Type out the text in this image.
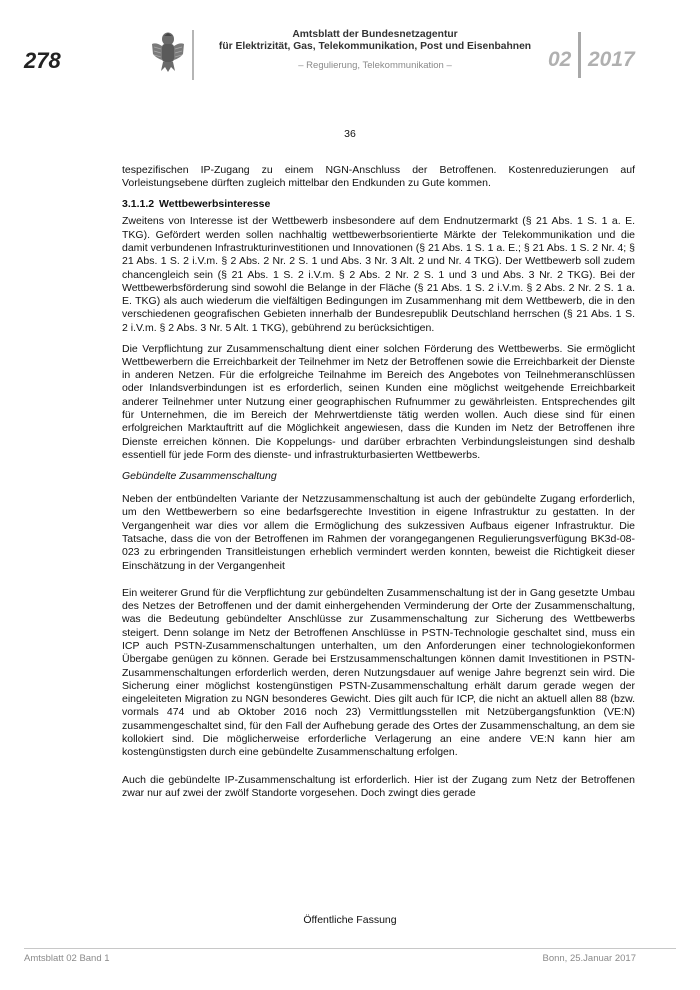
278
Amtsblatt der Bundesnetzagentur
für Elektrizität, Gas, Telekommunikation, Post und Eisenbahnen
– Regulierung, Telekommunikation –	02 2017
36

tespezifischen IP-Zugang zu einem NGN-Anschluss der Betroffenen. Kostenreduzierungen auf Vorleistungsebene dürften zugleich mittelbar den Endkunden zu Gute kommen.

3.1.1.2 Wettbewerbsinteresse

Zweitens von Interesse ist der Wettbewerb insbesondere auf dem Endnutzermarkt (§ 21 Abs. 1 S. 1 a. E. TKG). Gefördert werden sollen nachhaltig wettbewerbsorientierte Märkte der Telekommunikation und die damit verbundenen Infrastrukturinvestitionen und Innovationen (§ 21 Abs. 1 S. 1 a. E.; § 21 Abs. 1 S. 2 Nr. 4; § 21 Abs. 1 S. 2 i.V.m. § 2 Abs. 2 Nr. 2 S. 1 und Abs. 3 Nr. 3 Alt. 2 und Nr. 4 TKG). Der Wettbewerb soll zudem chancengleich sein (§ 21 Abs. 1 S. 2 i.V.m. § 2 Abs. 2 Nr. 2 S. 1 und 3 und Abs. 3 Nr. 2 TKG). Bei der Wettbewerbsförderung sind sowohl die Belange in der Fläche (§ 21 Abs. 1 S. 2 i.V.m. § 2 Abs. 2 Nr. 2 S. 1 a. E. TKG) als auch wiederum die vielfältigen Bedingungen im Zusammenhang mit dem Wettbewerb, die in den verschiedenen geografischen Gebieten innerhalb der Bundesrepublik Deutschland herrschen (§ 21 Abs. 1 S. 2 i.V.m. § 2 Abs. 3 Nr. 5 Alt. 1 TKG), gebührend zu berücksichtigen.

Die Verpflichtung zur Zusammenschaltung dient einer solchen Förderung des Wettbewerbs. Sie ermöglicht Wettbewerbern die Erreichbarkeit der Teilnehmer im Netz der Betroffenen sowie die Erreichbarkeit der Dienste in anderen Netzen. Für die erfolgreiche Teilnahme im Bereich des Angebotes von Teilnehmeranschlüssen oder Inlandsverbindungen ist es erforderlich, seinen Kunden eine möglichst weitgehende Erreichbarkeit anderer Teilnehmer unter Nutzung einer geographischen Rufnummer zu gewährleisten. Entsprechendes gilt für Unternehmen, die im Bereich der Mehrwertdienste tätig werden wollen. Auch diese sind für einen erfolgreichen Marktauftritt auf die Möglichkeit angewiesen, dass die Kunden im Netz der Betroffenen ihre Dienste erreichen können. Die Koppelungs- und darüber erbrachten Verbindungsleistungen sind deshalb essentiell für jede Form des dienste- und infrastrukturbasierten Wettbewerbs.

Gebündelte Zusammenschaltung

Neben der entbündelten Variante der Netzzusammenschaltung ist auch der gebündelte Zugang erforderlich, um den Wettbewerbern so eine bedarfsgerechte Investition in eigene Infrastruktur zu gestatten. In der Vergangenheit war dies vor allem die Ermöglichung des sukzessiven Aufbaus eigener Infrastruktur. Die Tatsache, dass die von der Betroffenen im Rahmen der vorangegangenen Regulierungsverfügung BK3d-08-023 zu erbringenden Transitleistungen erheblich vermindert werden konnten, beweist die Richtigkeit dieser Einschätzung in der Vergangenheit

Ein weiterer Grund für die Verpflichtung zur gebündelten Zusammenschaltung ist der in Gang gesetzte Umbau des Netzes der Betroffenen und der damit einhergehenden Verminderung der Orte der Zusammenschaltung, was die Bedeutung gebündelter Anschlüsse zur Zusammenschaltung zur Sicherung des Wettbewerbs steigert. Denn solange im Netz der Betroffenen Anschlüsse in PSTN-Technologie geschaltet sind, muss ein ICP auch PSTN-Zusammenschaltungen unterhalten, um den Anforderungen einer technologiekonformen Übergabe genügen zu können. Gerade bei Erstzusammenschaltungen können damit Investitionen in PSTN-Zusammenschaltungen erforderlich werden, deren Nutzungsdauer auf wenige Jahre begrenzt sein wird. Die Sicherung einer möglichst kostengünstigen PSTN-Zusammenschaltung erhält darum gerade wegen der eingeleiteten Migration zu NGN besonderes Gewicht. Dies gilt auch für ICP, die nicht an aktuell allen 88 (bzw. vormals 474 und ab Oktober 2016 noch 23) Vermittlungsstellen mit Netzübergangsfunktion (VE:N) zusammengeschaltet sind, für den Fall der Aufhebung gerade des Ortes der Zusammenschaltung, an dem sie kollokiert sind. Die möglicherweise erforderliche Verlagerung an eine andere VE:N kann hier am kostengünstigsten durch eine gebündelte Zusammenschaltung erfolgen.

Auch die gebündelte IP-Zusammenschaltung ist erforderlich. Hier ist der Zugang zum Netz der Betroffenen zwar nur auf zwei der zwölf Standorte vorgesehen. Doch zwingt dies gerade

Öffentliche Fassung
Amtsblatt 02 Band 1	Bonn, 25.Januar 2017
